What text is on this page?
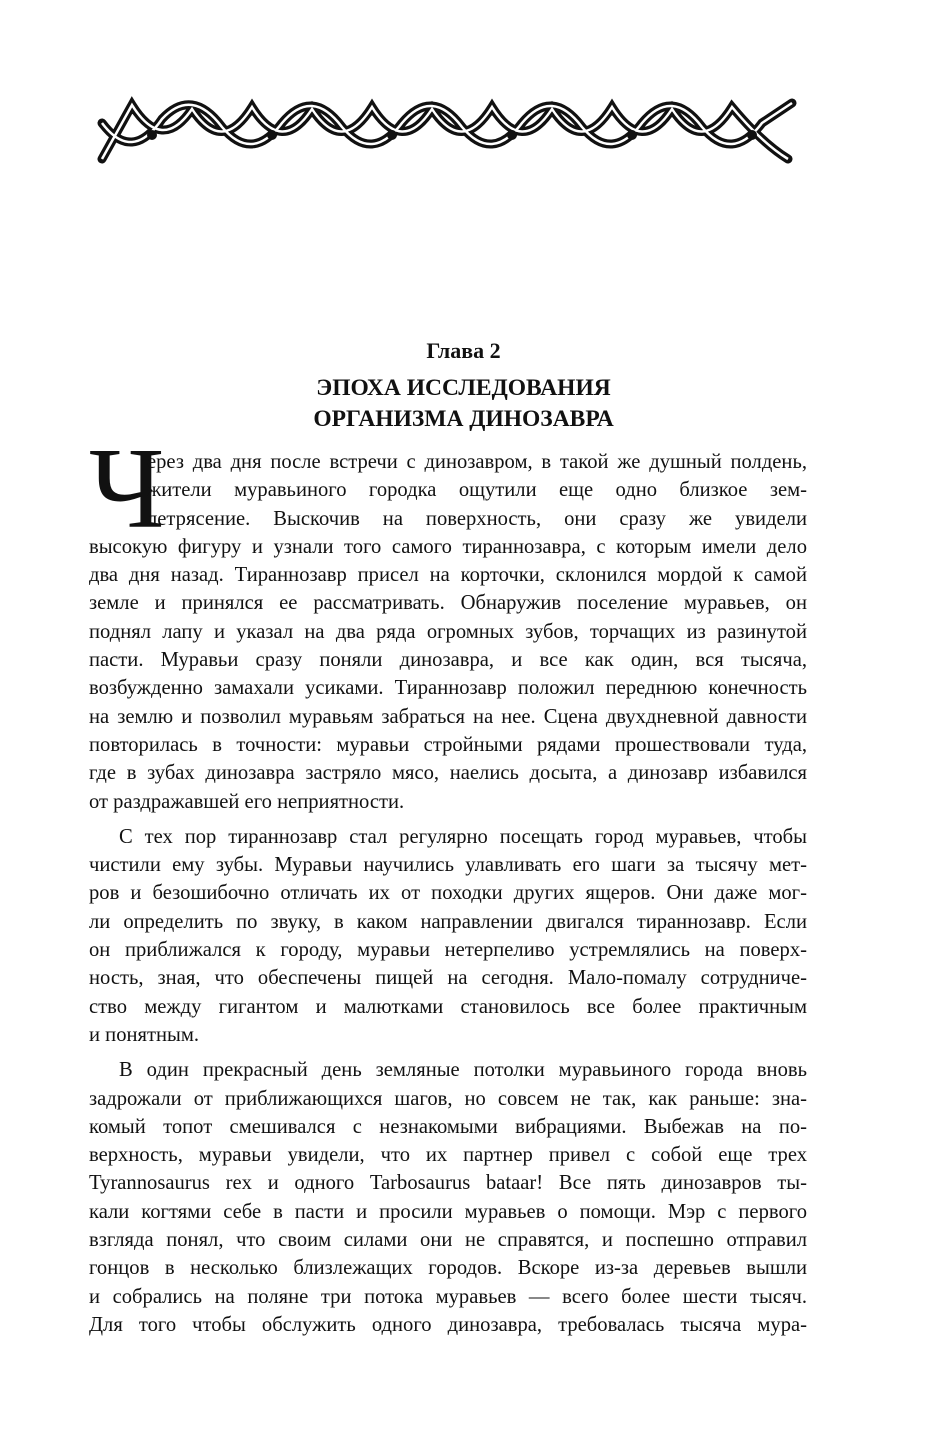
Глава 2
ЭПОХА ИССЛЕДОВАНИЯ
ОРГАНИЗМА ДИНОЗАВРА
Ч
ерез два дня после встречи с динозавром, в такой же душный полдень,
жители муравьиного городка ощутили еще одно близкое зем-
летрясение. Выскочив на поверхность, они сразу же увидели
высокую фигуру и узнали того самого тираннозавра, с которым имели дело
два дня назад. Тираннозавр присел на корточки, склонился мордой к самой
земле и принялся ее рассматривать. Обнаружив поселение муравьев, он
поднял лапу и указал на два ряда огромных зубов, торчащих из разинутой
пасти. Муравьи сразу поняли динозавра, и все как один, вся тысяча,
возбужденно замахали усиками. Тираннозавр положил переднюю конечность
на землю и позволил муравьям забраться на нее. Сцена двухдневной давности
повторилась в точности: муравьи стройными рядами прошествовали туда,
где в зубах динозавра застряло мясо, наелись досыта, а динозавр избавился
от раздражавшей его неприятности.
С тех пор тираннозавр стал регулярно посещать город муравьев, чтобы
чистили ему зубы. Муравьи научились улавливать его шаги за тысячу мет-
ров и безошибочно отличать их от походки других ящеров. Они даже мог-
ли определить по звуку, в каком направлении двигался тираннозавр. Если
он приближался к городу, муравьи нетерпеливо устремлялись на поверх-
ность, зная, что обеспечены пищей на сегодня. Мало-помалу сотрудниче-
ство между гигантом и малютками становилось все более практичным
и понятным.
В один прекрасный день земляные потолки муравьиного города вновь
задрожали от приближающихся шагов, но совсем не так, как раньше: зна-
комый топот смешивался с незнакомыми вибрациями. Выбежав на по-
верхность, муравьи увидели, что их партнер привел с собой еще трех
Tyrannosaurus rex и одного Tarbosaurus bataar! Все пять динозавров ты-
кали когтями себе в пасти и просили муравьев о помощи. Мэр с первого
взгляда понял, что своим силами они не справятся, и поспешно отправил
гонцов в несколько близлежащих городов. Вскоре из-за деревьев вышли
и собрались на поляне три потока муравьев — всего более шести тысяч.
Для того чтобы обслужить одного динозавра, требовалась тысяча мура-
